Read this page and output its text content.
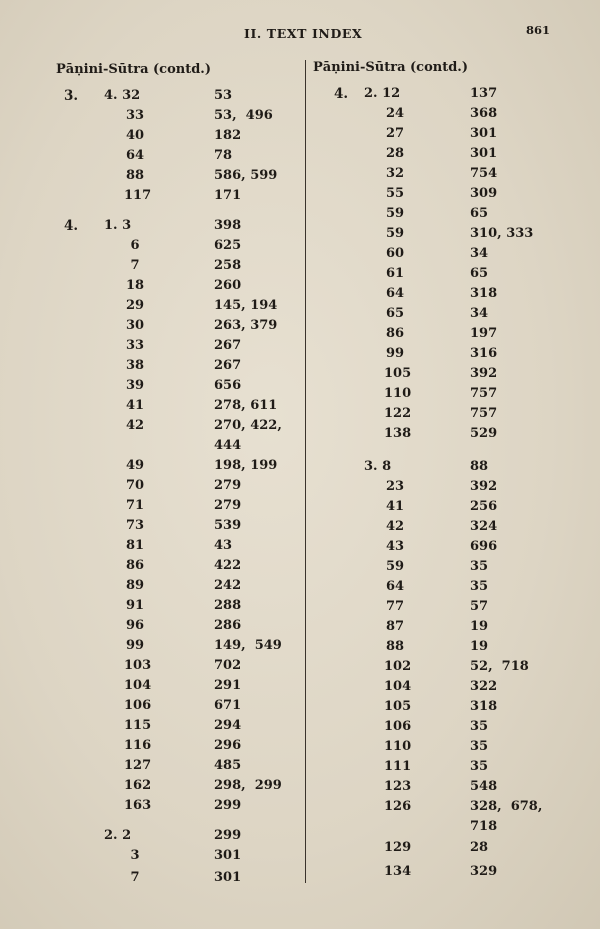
II. TEXT INDEX	861
Pāṇini-Sūtra (contd.)	Pāṇini-Sūtra (contd.)
3. 4. 32	53
33	53,  496
40	182
64	78
88	586, 599
117	171
4. 1. 3	398
6	625
7	258
18	260
29	145, 194
30	263, 379
33	267
38	267
39	656
41	278, 611
42	270, 422,
444
49	198, 199
70	279
71	279
73	539
81	43
86	422
89	242
91	288
96	286
99	149,  549
103	702
104	291
106	671
115	294
116	296
127	485
162	298,  299
163	299
2. 2	299
3	301
7	301
4. 2. 12	137
24	368
27	301
28	301
32	754
55	309
59	65
59	310, 333
60	34
61	65
64	318
65	34
86	197
99	316
105	392
110	757
122	757
138	529
3. 8	88
23	392
41	256
42	324
43	696
59	35
64	35
77	57
87	19
88	19
102	52,  718
104	322
105	318
106	35
110	35
111	35
123	548
126	328,  678,
718
129	28
134	329
